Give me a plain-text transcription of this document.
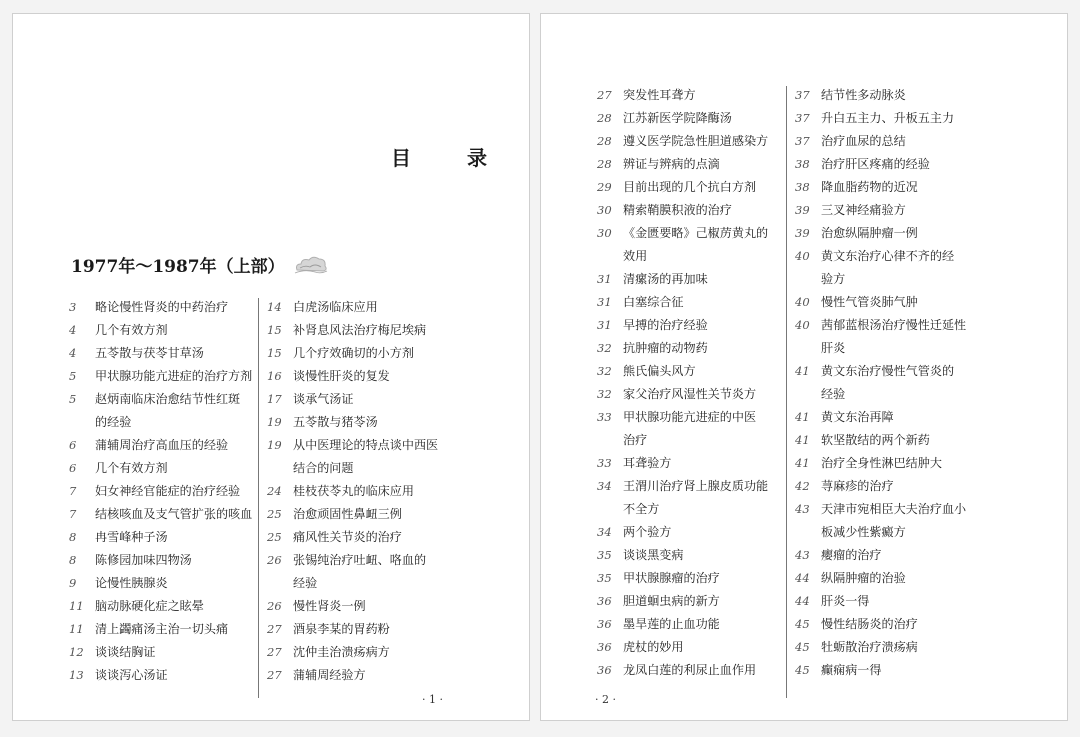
目　录
1977年～1987年（上部）
3	略论慢性肾炎的中药治疗
4	几个有效方剂
4	五苓散与茯苓甘草汤
5	甲状腺功能亢进症的治疗方剂
5	赵炳南临床治愈结节性红斑
的经验
6	蒲辅周治疗高血压的经验
6	几个有效方剂
7	妇女神经官能症的治疗经验
7	结核咳血及支气管扩张的咳血
8	冉雪峰种子汤
8	陈修园加味四物汤
9	论慢性胰腺炎
11 脑动脉硬化症之眩晕
11 清上蠲痛汤主治一切头痛
12 谈谈结胸证
13 谈谈泻心汤证
14 白虎汤临床应用
15 补肾息风法治疗梅尼埃病
15 几个疗效确切的小方剂
16 谈慢性肝炎的复发
17 谈承气汤证
19 五苓散与猪苓汤
19 从中医理论的特点谈中西医
结合的问题
24 桂枝茯苓丸的临床应用
25 治愈顽固性鼻衄三例
25 痛风性关节炎的治疗
26 张锡纯治疗吐衄、咯血的
经验
26 慢性肾炎一例
27 酒泉李某的胃药粉
27 沈仲圭治溃疡病方
27 蒲辅周经验方
· 1 ·
27 突发性耳聋方
28 江苏新医学院降酶汤
28 遵义医学院急性胆道感染方
28 辨证与辨病的点滴
29 目前出现的几个抗白方剂
30 精索鞘膜积液的治疗
30 《金匮要略》己椒苈黄丸的
效用
31 清瘰汤的再加味
31 白塞综合征
31 早搏的治疗经验
32 抗肿瘤的动物药
32 熊氏偏头风方
32 家父治疗风湿性关节炎方
33 甲状腺功能亢进症的中医
治疗
33 耳聋验方
34 王渭川治疗肾上腺皮质功能
不全方
34 两个验方
35 谈谈黑变病
35 甲状腺腺瘤的治疗
36 胆道蛔虫病的新方
36 墨旱莲的止血功能
36 虎杖的妙用
36 龙凤白莲的利尿止血作用
37 结节性多动脉炎
37 升白五主力、升板五主力
37 治疗血尿的总结
38 治疗肝区疼痛的经验
38 降血脂药物的近况
39 三叉神经痛验方
39 治愈纵隔肿瘤一例
40 黄文东治疗心律不齐的经
验方
40 慢性气管炎肺气肿
40 茜郁蓝根汤治疗慢性迁延性
肝炎
41 黄文东治疗慢性气管炎的
经验
41 黄文东治再障
41 软坚散结的两个新药
41 治疗全身性淋巴结肿大
42 荨麻疹的治疗
43 天津市宛相臣大夫治疗血小
板减少性紫癜方
43 瘿瘤的治疗
44 纵隔肿瘤的治验
44 肝炎一得
45 慢性结肠炎的治疗
45 牡蛎散治疗溃疡病
45 癫痫病一得
· 2 ·
